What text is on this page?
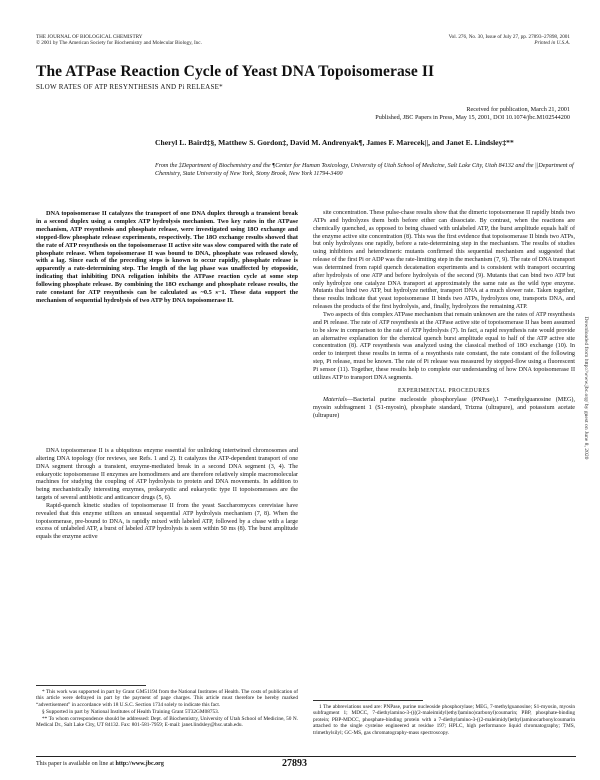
THE JOURNAL OF BIOLOGICAL CHEMISTRY
© 2001 by The American Society for Biochemistry and Molecular Biology, Inc.
Vol. 276, No. 30, Issue of July 27, pp. 27893–27898, 2001
Printed in U.S.A.
The ATPase Reaction Cycle of Yeast DNA Topoisomerase II
SLOW RATES OF ATP RESYNTHESIS AND Pi RELEASE*
Received for publication, March 21, 2001
Published, JBC Papers in Press, May 15, 2001, DOI 10.1074/jbc.M102544200
Cheryl L. Baird‡§, Matthew S. Gordon‡, David M. Andrenyak¶, James F. Marecek||, and Janet E. Lindsley‡**
From the ‡Department of Biochemistry and the ¶Center for Human Toxicology, University of Utah School of Medicine, Salt Lake City, Utah 84132 and the ||Department of Chemistry, State University of New York, Stony Brook, New York 11794-3400
DNA topoisomerase II catalyzes the transport of one DNA duplex through a transient break in a second duplex using a complex ATP hydrolysis mechanism. Two key rates in the ATPase mechanism, ATP resynthesis and phosphate release, were investigated using 18O exchange and stopped-flow phosphate release experiments, respectively. The 18O exchange results showed that the rate of ATP resynthesis on the topoisomerase II active site was slow compared with the rate of phosphate release. When topoisomerase II was bound to DNA, phosphate was released slowly, with a lag. Since each of the preceding steps is known to occur rapidly, phosphate release is apparently a rate-determining step. The length of the lag phase was unaffected by etoposide, indicating that inhibiting DNA religation inhibits the ATPase reaction cycle at some step following phosphate release. By combining the 18O exchange and phosphate release results, the rate constant for ATP resynthesis can be calculated as ~0.5 s−1. These data support the mechanism of sequential hydrolysis of two ATP by DNA topoisomerase II.

DNA topoisomerase II is a ubiquitous enzyme essential for unlinking intertwined chromosomes and altering DNA topology (for reviews, see Refs. 1 and 2). It catalyzes the ATP-dependent transport of one DNA segment through a transient, enzyme-mediated break in a second DNA segment (3, 4). The eukaryotic topoisomerase II enzymes are homodimers and are therefore relatively simple macromolecular machines for studying the coupling of ATP hydrolysis to protein and DNA movements. In addition to being mechanistically interesting enzymes, prokaryotic and eukaryotic type II topoisomerases are the targets of several antibiotic and anticancer drugs (5, 6).

Rapid-quench kinetic studies of topoisomerase II from the yeast Saccharomyces cerevisiae have revealed that this enzyme utilizes an unusual sequential ATP hydrolysis mechanism (7, 8). When the topoisomerase, pre-bound to DNA, is rapidly mixed with labeled ATP, followed by a chase with a large excess of unlabeled ATP, a burst of labeled ATP hydrolysis is seen within 50 ms (8). The burst amplitude equals the enzyme active

site concentration. These pulse-chase results show that the dimeric topoisomerase II rapidly binds two ATPs and hydrolyzes them both before either can dissociate. By contrast, when the reactions are chemically quenched, as opposed to being chased with unlabeled ATP, the burst amplitude equals half of the enzyme active site concentration (8). This was the first evidence that topoisomerase II binds two ATPs, but only hydrolyzes one rapidly, before a rate-determining step in the mechanism. The results of studies using inhibitors and heterodimeric mutants confirmed this sequential mechanism and suggested that release of the first Pi or ADP was the rate-limiting step in the mechanism (7, 9). The rate of DNA transport was determined from rapid quench decatenation experiments and is consistent with transport occurring after hydrolysis of one ATP and before hydrolysis of the second (9). Mutants that can bind two ATP but only hydrolyze one catalyze DNA transport at approximately the same rate as the wild type enzyme. Mutants that bind two ATP, but hydrolyze neither, transport DNA at a much slower rate. Taken together, these results indicate that yeast topoisomerase II binds two ATPs, hydrolyzes one, transports DNA, and releases the products of the first hydrolysis, and, finally, hydrolyzes the remaining ATP.

Two aspects of this complex ATPase mechanism that remain unknown are the rates of ATP resynthesis and Pi release. The rate of ATP resynthesis at the ATPase active site of topoisomerase II has been assumed to be slow in comparison to the rate of ATP hydrolysis (7). In fact, a rapid resynthesis rate would provide an alternative explanation for the chemical quench burst amplitude equal to half of the ATP active site concentration (8). ATP resynthesis was analyzed using the classical method of 18O exchange (10). In order to interpret these results in terms of a resynthesis rate constant, the rate constant of the following step, Pi release, must be known. The rate of Pi release was measured by stopped-flow using a fluorescent Pi sensor (11). Together, these results help to complete our understanding of how DNA topoisomerase II utilizes ATP to transport DNA segments.

EXPERIMENTAL PROCEDURES

Materials—Bacterial purine nucleoside phosphorylase (PNPase),1 7-methylguanosine (MEG), myosin subfragment 1 (S1-myosin), phosphate standard, Trizma (ultrapure), and potassium acetate (ultrapure)

* This work was supported in part by Grant GM51194 from the National Institutes of Health. The costs of publication of this article were defrayed in part by the payment of page charges. This article must therefore be hereby marked “advertisement” in accordance with 18 U.S.C. Section 1734 solely to indicate this fact.

§ Supported in part by National Institutes of Health Training Grant 5T32GM08753.

** To whom correspondence should be addressed: Dept. of Biochemistry, University of Utah School of Medicine, 50 N. Medical Dr., Salt Lake City, UT 84132. Fax: 801-581-7959; E-mail: janet.lindsley@hsc.utah.edu.

1 The abbreviations used are: PNPase, purine nucleoside phosphorylase; MEG, 7-methylguanosine; S1-myosin, myosin subfragment 1; MDCC, 7-diethylamino-3-((((2-maleimidyl)ethyl)amino)carbonyl)coumarin; PBP, phosphate-binding protein; PBP-MDCC, phosphate-binding protein with a 7-diethylamino-3-((2-maleimidyl)ethyl)aminocarbonylcoumarin attached to the single cysteine engineered at residue 197; HPLC, high performance liquid chromatography; TMS, trimethylsilyl; GC-MS, gas chromatography-mass spectroscopy.

This paper is available on line at http://www.jbc.org	27893
Downloaded from http://www.jbc.org/ by guest on June 8, 2020
